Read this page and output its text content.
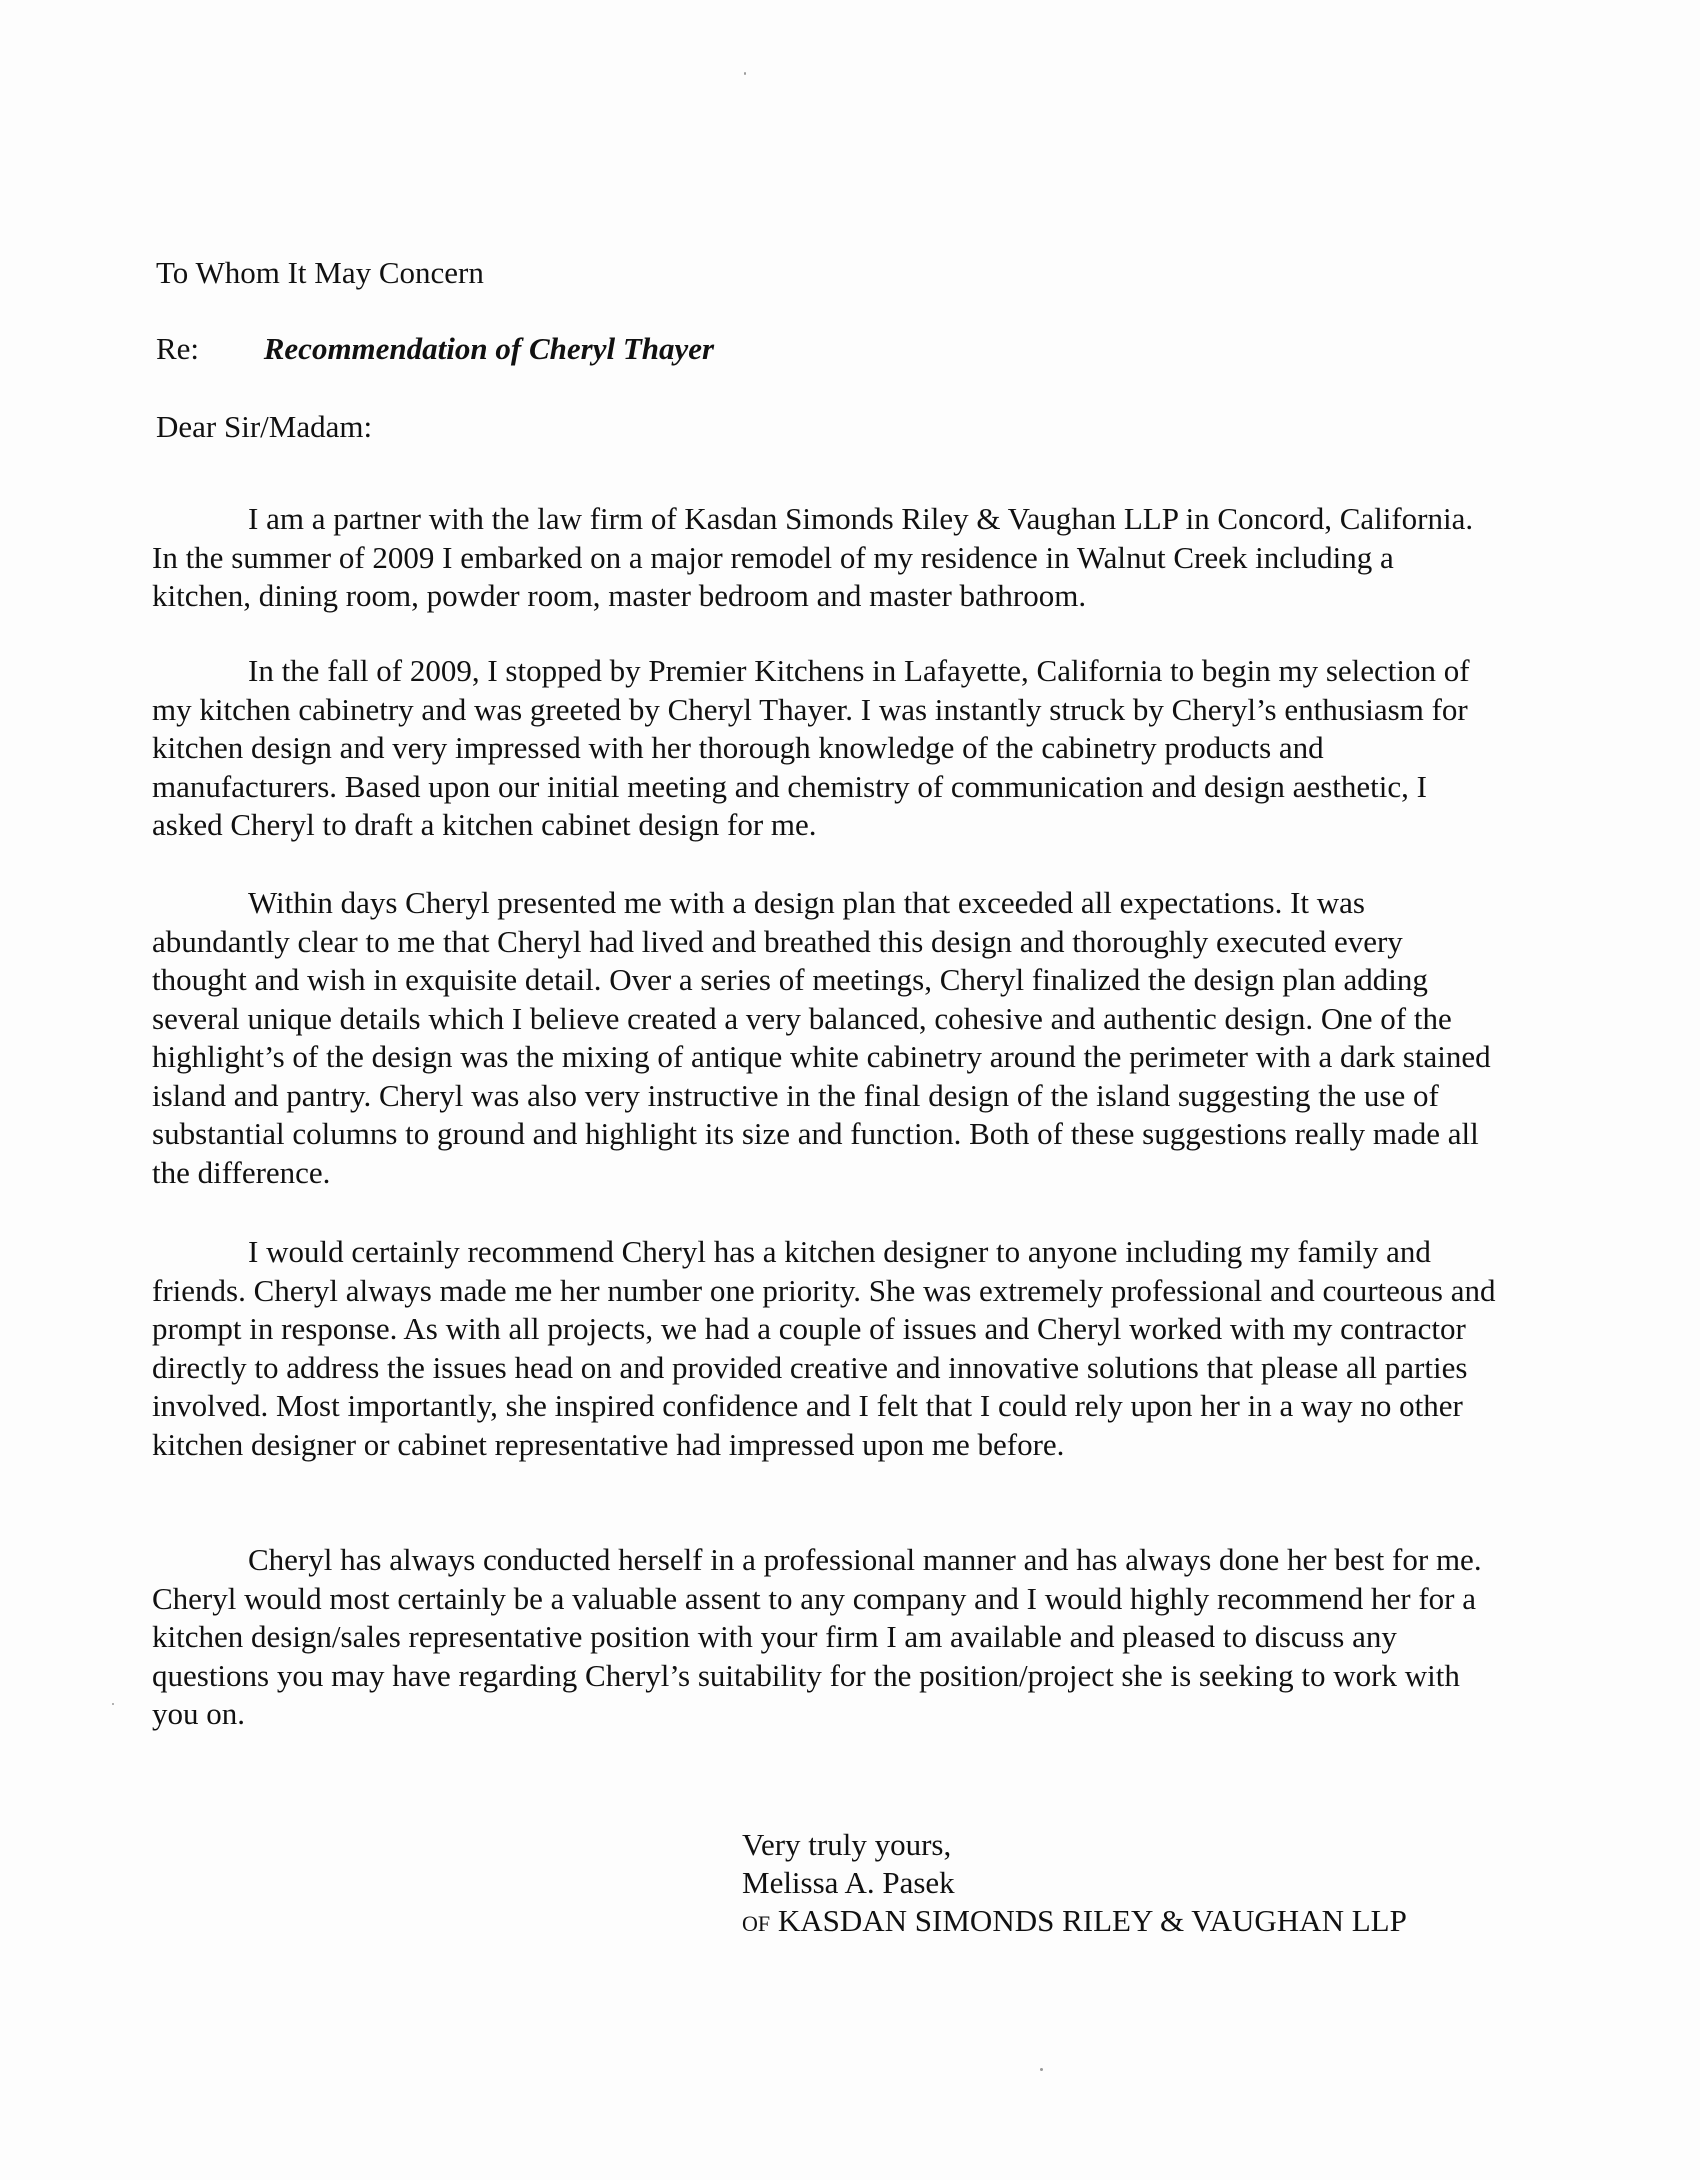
To Whom It May Concern
Re: Recommendation of Cheryl Thayer
Dear Sir/Madam:

I am a partner with the law firm of Kasdan Simonds Riley & Vaughan LLP in Concord, California. In the summer of 2009 I embarked on a major remodel of my residence in Walnut Creek including a kitchen, dining room, powder room, master bedroom and master bathroom.

In the fall of 2009, I stopped by Premier Kitchens in Lafayette, California to begin my selection of my kitchen cabinetry and was greeted by Cheryl Thayer. I was instantly struck by Cheryl’s enthusiasm for kitchen design and very impressed with her thorough knowledge of the cabinetry products and manufacturers. Based upon our initial meeting and chemistry of communication and design aesthetic, I asked Cheryl to draft a kitchen cabinet design for me.

Within days Cheryl presented me with a design plan that exceeded all expectations. It was abundantly clear to me that Cheryl had lived and breathed this design and thoroughly executed every thought and wish in exquisite detail. Over a series of meetings, Cheryl finalized the design plan adding several unique details which I believe created a very balanced, cohesive and authentic design. One of the highlight’s of the design was the mixing of antique white cabinetry around the perimeter with a dark stained island and pantry. Cheryl was also very instructive in the final design of the island suggesting the use of substantial columns to ground and highlight its size and function. Both of these suggestions really made all the difference.

I would certainly recommend Cheryl has a kitchen designer to anyone including my family and friends. Cheryl always made me her number one priority. She was extremely professional and courteous and prompt in response. As with all projects, we had a couple of issues and Cheryl worked with my contractor directly to address the issues head on and provided creative and innovative solutions that please all parties involved. Most importantly, she inspired confidence and I felt that I could rely upon her in a way no other kitchen designer or cabinet representative had impressed upon me before.

Cheryl has always conducted herself in a professional manner and has always done her best for me. Cheryl would most certainly be a valuable assent to any company and I would highly recommend her for a kitchen design/sales representative position with your firm I am available and pleased to discuss any questions you may have regarding Cheryl’s suitability for the position/project she is seeking to work with you on.

Very truly yours,
Melissa A. Pasek
of KASDAN SIMONDS RILEY & VAUGHAN LLP
